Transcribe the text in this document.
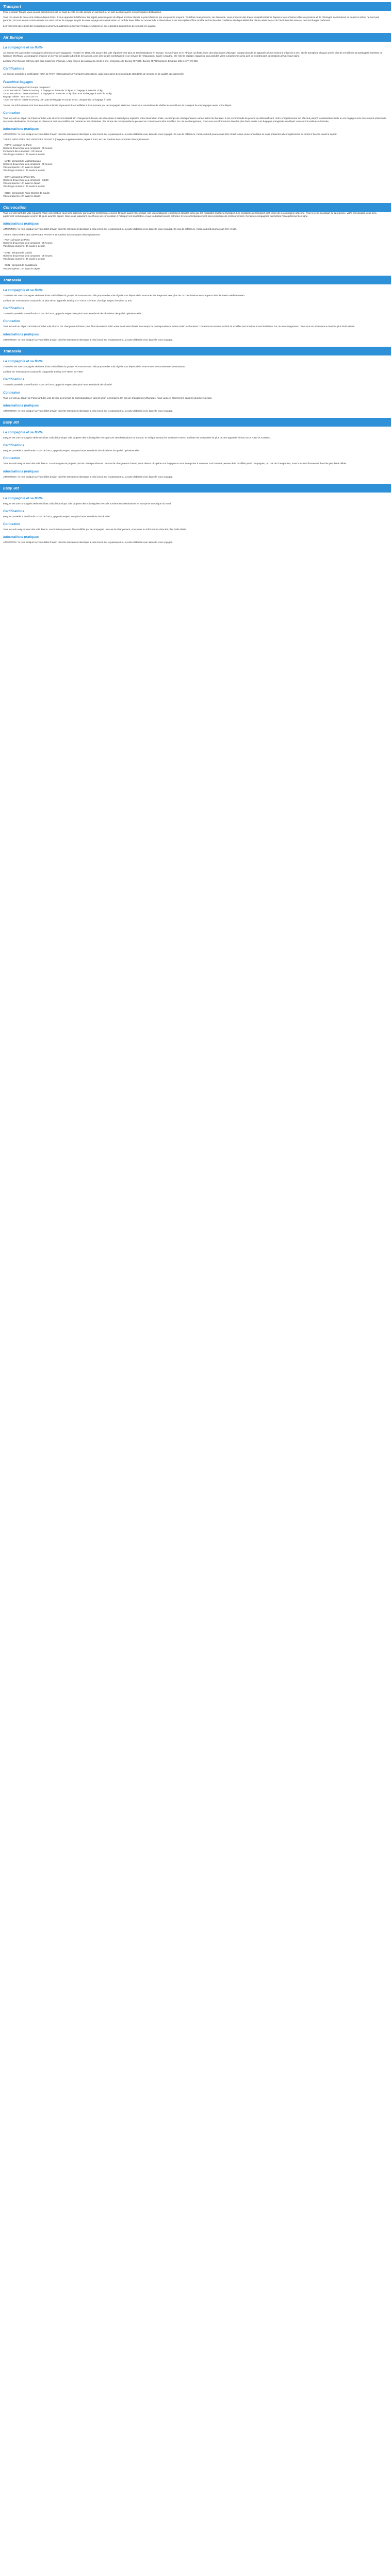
Transport
Pour le départ Tanger, vous pouvez sélectionner soit un trajet de ville en ville depuis un aéroport ou un port au choix parmi nos principales destinations.
Tous nos devis de base sont réalisés depuis Paris, il vous appartient d'effectuer les trajets jusqu'au point de départ et retour depuis le point d'arrivée par vos propres moyens. Toutefois nous pouvons, sur demande, vous proposer des trajets complémentaires depuis et vers d'autres villes de province et de l'étranger. Les horaires de départ et retour ne sont pas garantis ; ils vous seront communiqués sur votre carnet de voyage. Le prix de votre voyage est calculé selon un tarif de base défini au moment de la réservation, il est susceptible d'être modifié en fonction des conditions de disponibilité des places aériennes et de l'évolution des taxes et des surcharges carburant.
Les vols sont opérés par des compagnies aériennes autorisées à survoler l'espace européen et qui répondent aux normes de sécurité en vigueur.
Air Europe
La compagnie et sa flotte
Air Europe est la première compagnie aérienne privée espagnole. Fondée en 1986, elle assure des vols réguliers vers plus de 60 destinations en Europe, en Amérique et en Afrique. Sa flotte, l'une des plus jeunes d'Europe, compte plus de 60 appareils d'une moyenne d'âge de 5 ans, et elle transporte chaque année plus de 10 millions de passagers. Membre de l'alliance SkyTeam, la compagnie propose un service de qualité à bord de ses avions, avec des sièges confortables et un service de restauration. Basée à Madrid, elle relie la capitale espagnole aux grandes villes européennes ainsi qu'à de nombreuses destinations d'Amérique latine.
La flotte d'Air Europe est l'une des plus modernes d'Europe. L'âge moyen des appareils est de 5 ans, composée de Boeing 737-800, Boeing 787 Dreamliner, Embraer 195 et ATR 72-600.
Certifications
Air Europe possède la certification IOSA de l'IATA (International Air Transport Association), gage du respect des plus hauts standards de sécurité et de qualité opérationnelle.
Franchise bagages
La franchise bagage d'Air Europe comprend :
- pour les vols en classe Economy : 1 bagage en soute de 23 kg et un bagage à main de 10 kg
- pour les vols en classe Business : 2 bagages en soute de 23 kg chacun et un bagage à main de 10 kg
Bagage cabine : 55 x 35 x 25 cm
- pour les vols en classe Economy Lite : pas de bagage en soute inclus, uniquement un bagage à main
Toutes ces informations sont données à titre indicatif et peuvent être modifiées à tout moment par la compagnie aérienne. Nous vous conseillons de vérifier les conditions de transport de vos bagages avant votre départ.
Connexion
Tous les vols au départ de Paris sont des vols directs vers Madrid. Un changement d'avion est nécessaire à Madrid pour rejoindre votre destination finale. Les temps de correspondance varient selon les horaires, il est recommandé de prévoir un délai suffisant. Votre enregistrement est effectué jusqu'à la destination finale et vos bagages sont directement acheminés vers votre destination. Air Europe se réserve le droit de modifier ses horaires et ses itinéraires ; les temps de correspondance peuvent en conséquence être modifiés. En cas de changement, nous vous en informerons dans les plus brefs délais. Les bagages enregistrés au départ vous seront restitués à l'arrivée.
Informations pratiques
ATTENTION : le nom indiqué sur votre billet d'avion doit être strictement identique à celui inscrit sur le passeport ou la carte d'identité avec laquelle vous voyagez. En cas de différence, l'accès à bord pourra vous être refusé. Nous vous conseillons de vous présenter à l'enregistrement au moins 2 heures avant le départ.
TARIFS INDICATIFS DES SERVICES PAYANTS (bagages supplémentaires, repas à bord, etc.) et horaires des comptoirs d'enregistrement :
- ROYC : aéroport de Paris
Horaires d'ouverture des comptoirs : 05 heures
Fermeture des comptoirs : 22 heures
Vols longs courriers : 3h avant le départ
- MAD : aéroport de Madrid-Barajas
Horaires d'ouverture des comptoirs : 05 heures
Vols européens : 2h avant le départ
Vols longs courriers : 3h avant le départ
- ORY : aéroport de Paris-Orly
Horaires d'ouverture des comptoirs : 04h30
Vols européens : 2h avant le départ
Vols longs courriers : 3h avant le départ
- CDG : aéroport de Paris-Charles de Gaulle
Vols européens : 2h avant le départ
Convocation
Tous les vols sont des vols réguliers. Votre convocation vous sera adressée par courrier électronique environ 10 jours avant votre départ, elle vous indiquera les horaires définitifs ainsi que les modalités d'accès à l'aéroport. Les conditions de transport sont celles de la compagnie aérienne. Pour les vols au départ de la province, votre convocation vous sera également communiquée environ 10 jours avant le départ. Nous vous rappelons que l'heure de convocation à l'aéroport est impérative et que tout retard pourra entraîner le refus d'embarquement sans possibilité de remboursement. Certaines compagnies permettent l'enregistrement en ligne.
Informations pratiques
ATTENTION : le nom indiqué sur votre billet d'avion doit être strictement identique à celui inscrit sur le passeport ou la carte d'identité avec laquelle vous voyagez. En cas de différence, l'accès à bord pourra vous être refusé.
TARIFS INDICATIFS DES SERVICES PAYANTS et horaires des comptoirs d'enregistrement :
- RCY : aéroport de Paris
Horaires d'ouverture des comptoirs : 05 heures
Vols longs courriers : 3h avant le départ
- MAD : aéroport de Madrid
Horaires d'ouverture des comptoirs : 05 heures
Vols longs courriers : 3h avant le départ
- CMN : aéroport de Casablanca
Vols européens : 2h avant le départ
Transavia
La compagnie et sa flotte
Transavia est une compagnie aérienne à bas coûts filiale du groupe Air France-KLM. Elle propose des vols réguliers au départ de la France et des Pays-Bas vers plus de 110 destinations en Europe et dans le bassin méditerranéen.
La flotte de Transavia est composée de plus de 80 appareils Boeing 737-700 et 737-800, d'un âge moyen d'environ 11 ans.
Certifications
Transavia possède la certification IOSA de l'IATA, gage du respect des plus hauts standards de sécurité et de qualité opérationnelle.
Connexion
Tous les vols au départ de Paris sont des vols directs. Un changement d'avion peut être nécessaire selon votre destination finale. Les temps de correspondance varient selon les horaires. Transavia se réserve le droit de modifier ses horaires et ses itinéraires. En cas de changement, nous vous en informerons dans les plus brefs délais.
Informations pratiques
ATTENTION : le nom indiqué sur votre billet d'avion doit être strictement identique à celui inscrit sur le passeport ou la carte d'identité avec laquelle vous voyagez.
Transavia
La compagnie et sa flotte
Transavia est une compagnie aérienne à bas coûts filiale du groupe Air France-KLM. Elle propose des vols réguliers au départ de la France vers de nombreuses destinations.
La flotte de Transavia est composée d'appareils Boeing 737-700 et 737-800.
Certifications
Transavia possède la certification IOSA de l'IATA, gage du respect des plus hauts standards de sécurité.
Connexion
Tous les vols au départ de Paris sont des vols directs. Les temps de correspondance varient selon les horaires. En cas de changement d'horaires, nous vous en informerons dans les plus brefs délais.
Informations pratiques
ATTENTION : le nom indiqué sur votre billet d'avion doit être strictement identique à celui inscrit sur le passeport ou la carte d'identité avec laquelle vous voyagez.
Easy Jet
La compagnie et sa flotte
easyJet est une compagnie aérienne à bas coûts britannique. Elle propose des vols réguliers vers plus de 150 destinations en Europe, en Afrique du Nord et au Moyen-Orient. Sa flotte est composée de plus de 300 appareils Airbus A319, A320 et A321neo.
Certifications
easyJet possède la certification IOSA de l'IATA, gage du respect des plus hauts standards de sécurité et de qualité opérationnelle.
Connexion
Tous les vols easyJet sont des vols directs. La compagnie ne propose pas de correspondances ; en cas de changement d'avion, vous devrez récupérer vos bagages et vous enregistrer à nouveau. Les horaires peuvent être modifiés par la compagnie ; en cas de changement, nous vous en informerons dans les plus brefs délais.
Informations pratiques
ATTENTION : le nom indiqué sur votre billet d'avion doit être strictement identique à celui inscrit sur le passeport ou la carte d'identité avec laquelle vous voyagez.
Easy Jet
La compagnie et sa flotte
easyJet est une compagnie aérienne à bas coûts britannique. Elle propose des vols réguliers vers de nombreuses destinations en Europe et en Afrique du Nord.
Certifications
easyJet possède la certification IOSA de l'IATA, gage du respect des plus hauts standards de sécurité.
Connexion
Tous les vols easyJet sont des vols directs. Les horaires peuvent être modifiés par la compagnie ; en cas de changement, nous vous en informerons dans les plus brefs délais.
Informations pratiques
ATTENTION : le nom indiqué sur votre billet d'avion doit être strictement identique à celui inscrit sur le passeport ou la carte d'identité avec laquelle vous voyagez.
